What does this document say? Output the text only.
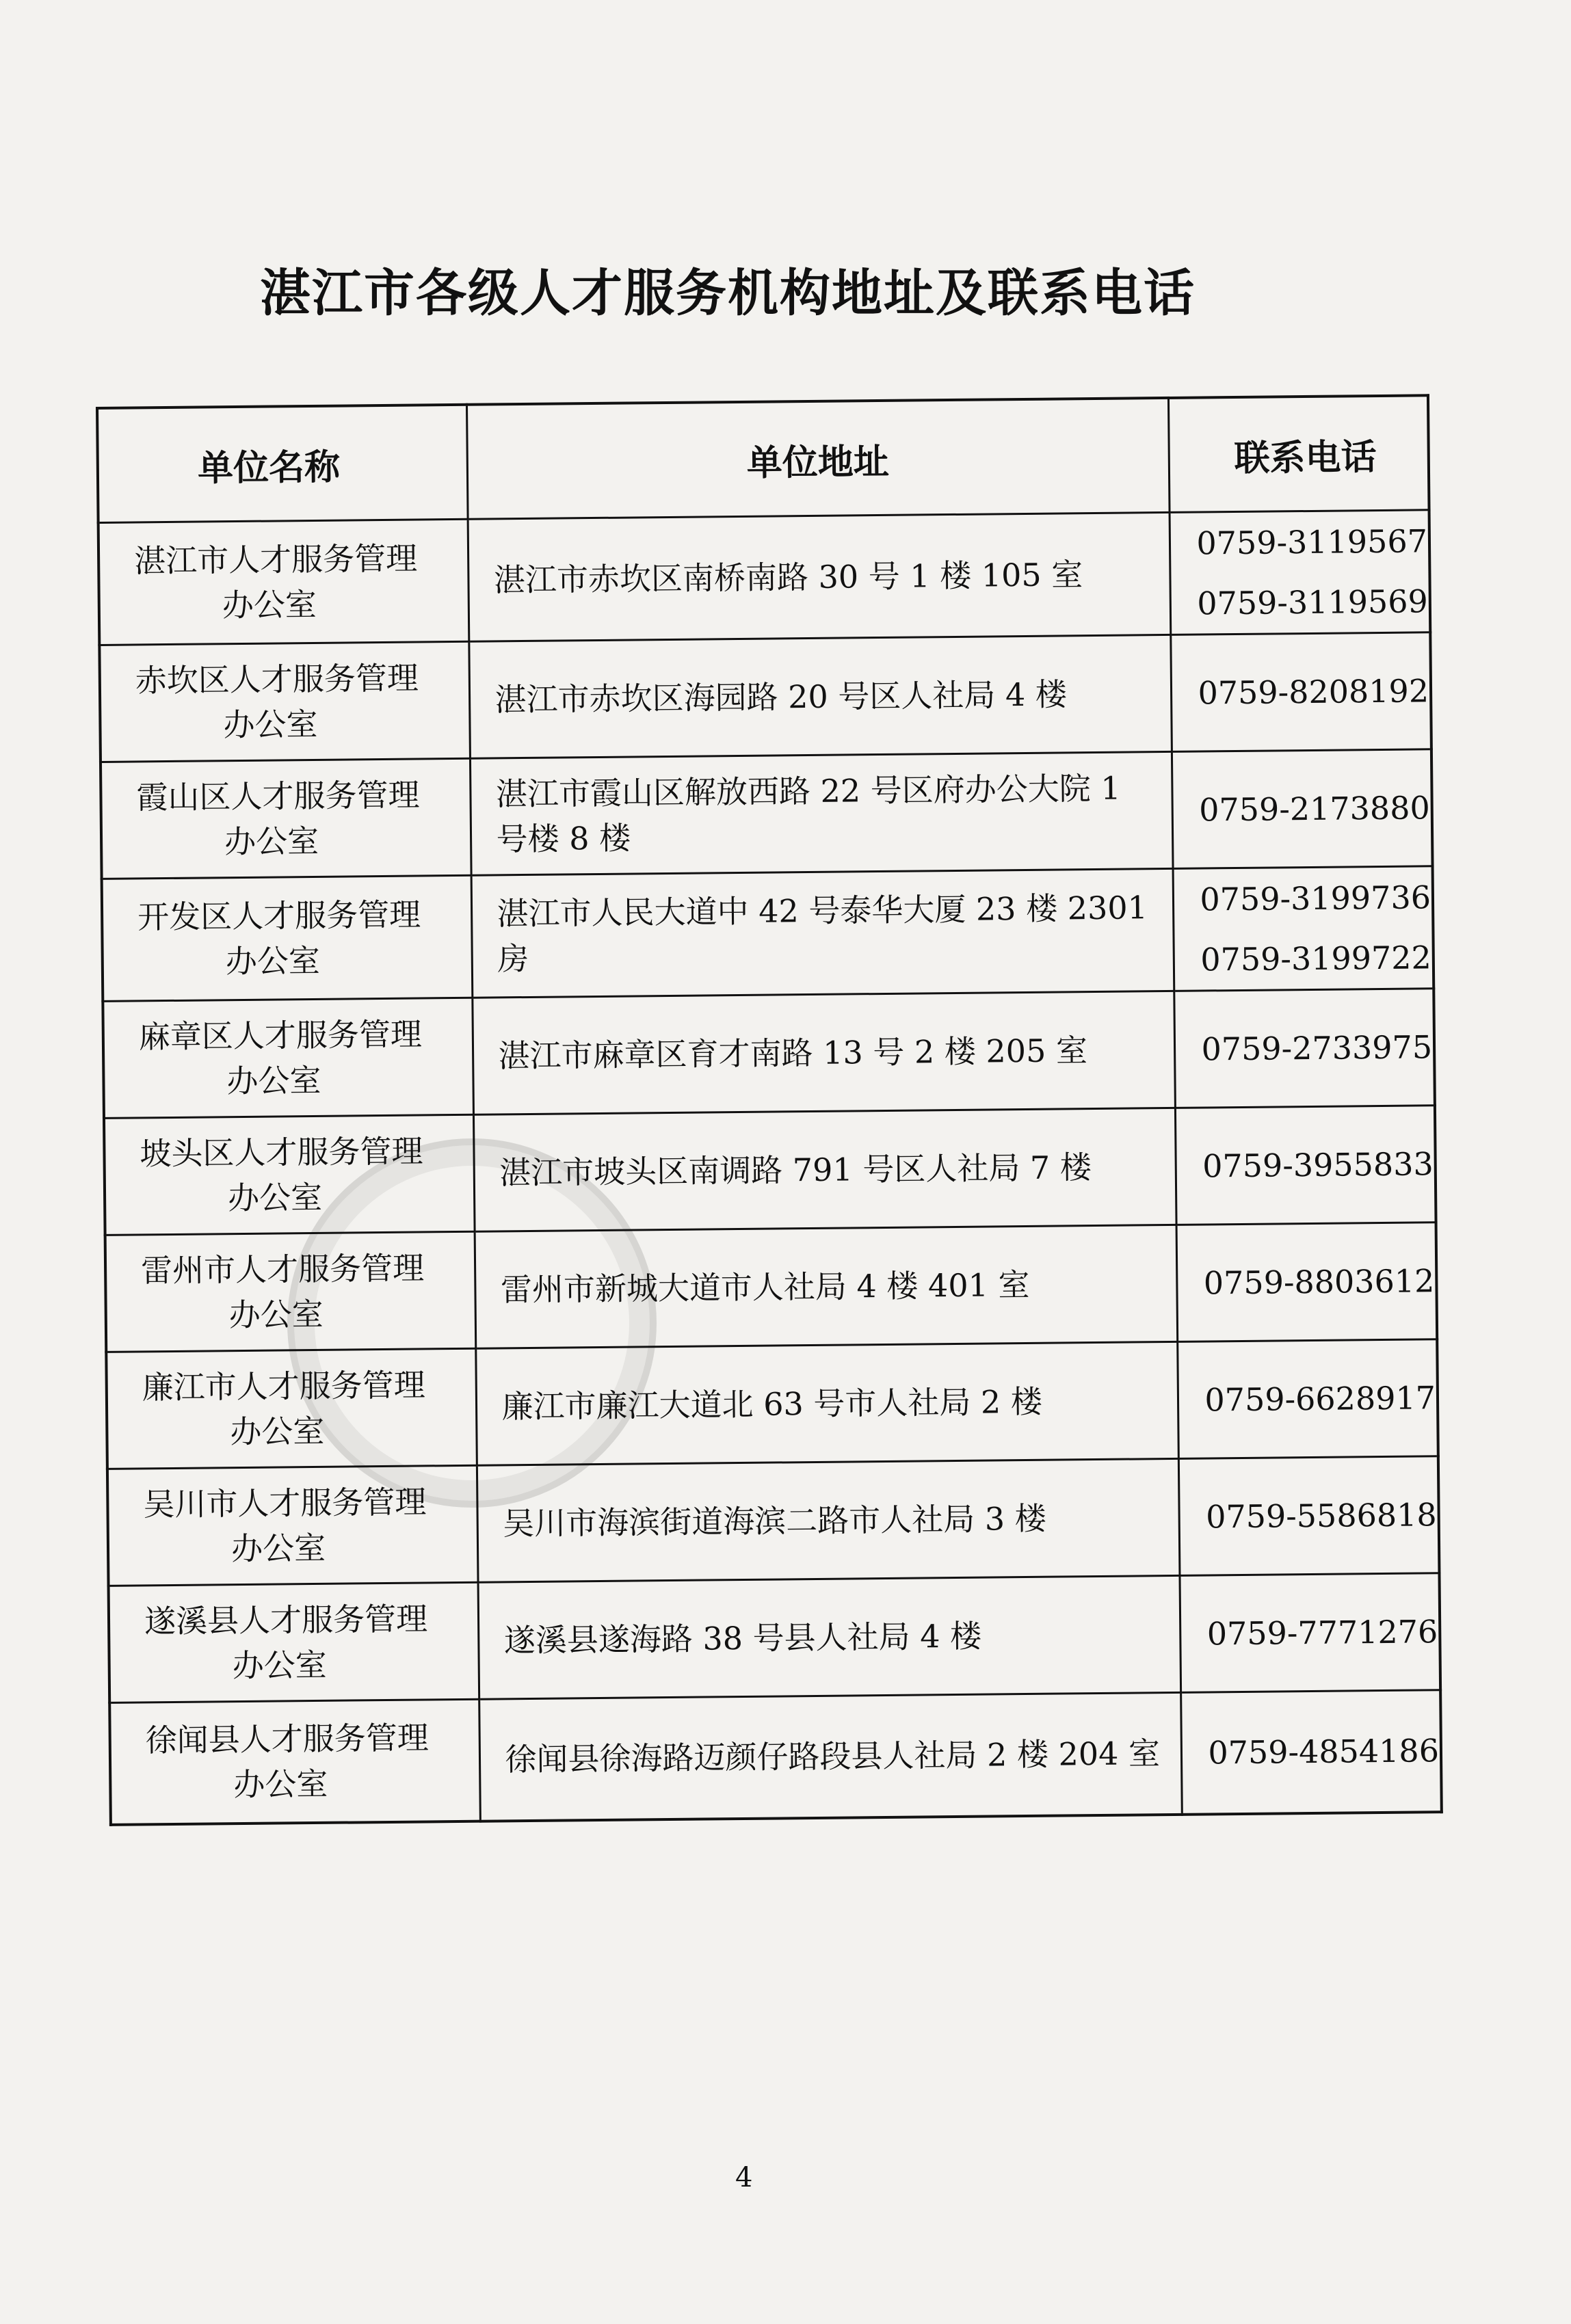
湛江市各级人才服务机构地址及联系电话
单位名称	单位地址	联系电话

湛江市人才服务管理
办公室	湛江市赤坎区南桥南路 30 号 1 楼 105 室	0759-3119567
0759-3119569

赤坎区人才服务管理
办公室	湛江市赤坎区海园路 20 号区人社局 4 楼	0759-8208192

霞山区人才服务管理
办公室	湛江市霞山区解放西路 22 号区府办公大院 1 号楼 8 楼	0759-2173880

开发区人才服务管理
办公室	湛江市人民大道中 42 号泰华大厦 23 楼 2301 房	0759-3199736
0759-3199722

麻章区人才服务管理
办公室	湛江市麻章区育才南路 13 号 2 楼 205 室	0759-2733975

坡头区人才服务管理
办公室	湛江市坡头区南调路 791 号区人社局 7 楼	0759-3955833

雷州市人才服务管理
办公室	雷州市新城大道市人社局 4 楼 401 室	0759-8803612

廉江市人才服务管理
办公室	廉江市廉江大道北 63 号市人社局 2 楼	0759-6628917

吴川市人才服务管理
办公室	吴川市海滨街道海滨二路市人社局 3 楼	0759-5586818

遂溪县人才服务管理
办公室	遂溪县遂海路 38 号县人社局 4 楼	0759-7771276

徐闻县人才服务管理
办公室	徐闻县徐海路迈颜仔路段县人社局 2 楼 204 室	0759-4854186
4
